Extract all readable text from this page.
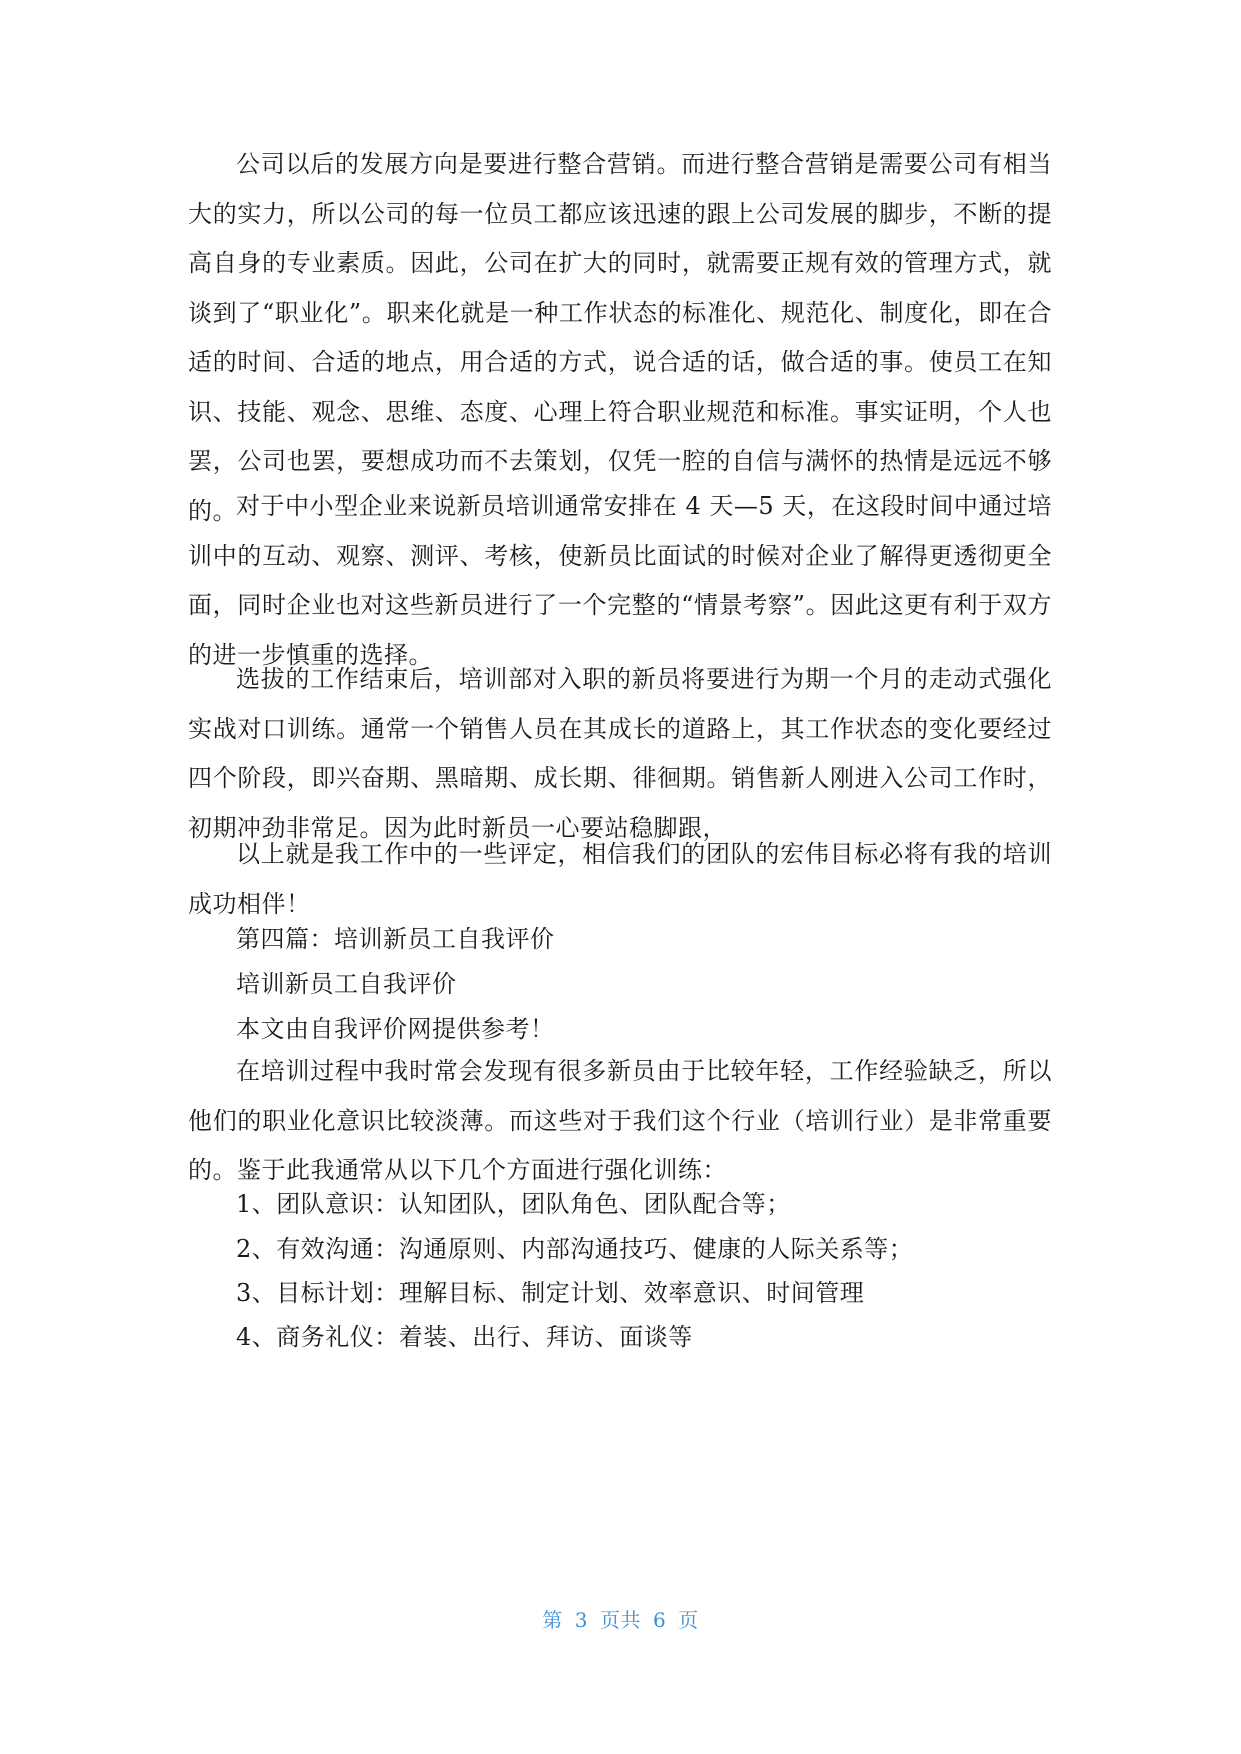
公司以后的发展方向是要进行整合营销。而进行整合营销是需要公司有相当大的实力，所以公司的每一位员工都应该迅速的跟上公司发展的脚步，不断的提高自身的专业素质。因此，公司在扩大的同时，就需要正规有效的管理方式，就谈到了“职业化”。职来化就是一种工作状态的标准化、规范化、制度化，即在合适的时间、合适的地点，用合适的方式，说合适的话，做合适的事。使员工在知识、技能、观念、思维、态度、心理上符合职业规范和标准。事实证明，个人也罢，公司也罢，要想成功而不去策划，仅凭一腔的自信与满怀的热情是远远不够的。 对于中小型企业来说新员培训通常安排在 4 天—5 天，在这段时间中通过培训中的互动、观察、测评、考核，使新员比面试的时候对企业了解得更透彻更全面，同时企业也对这些新员进行了一个完整的“情景考察”。因此这更有利于双方的进一步慎重的选择。

选拔的工作结束后，培训部对入职的新员将要进行为期一个月的走动式强化实战对口训练。通常一个销售人员在其成长的道路上，其工作状态的变化要经过四个阶段，即兴奋期、黑暗期、成长期、徘徊期。销售新人刚进入公司工作时，初期冲劲非常足。因为此时新员一心要站稳脚跟，

以上就是我工作中的一些评定，相信我们的团队的宏伟目标必将有我的培训成功相伴！

第四篇：培训新员工自我评价

培训新员工自我评价

本文由自我评价网提供参考！

在培训过程中我时常会发现有很多新员由于比较年轻，工作经验缺乏，所以他们的职业化意识比较淡薄。而这些对于我们这个行业（培训行业）是非常重要的。鉴于此我通常从以下几个方面进行强化训练：

1、团队意识：认知团队，团队角色、团队配合等；

2、有效沟通：沟通原则、内部沟通技巧、健康的人际关系等；

3、目标计划：理解目标、制定计划、效率意识、时间管理

4、商务礼仪：着装、出行、拜访、面谈等

第 3 页共 6 页
